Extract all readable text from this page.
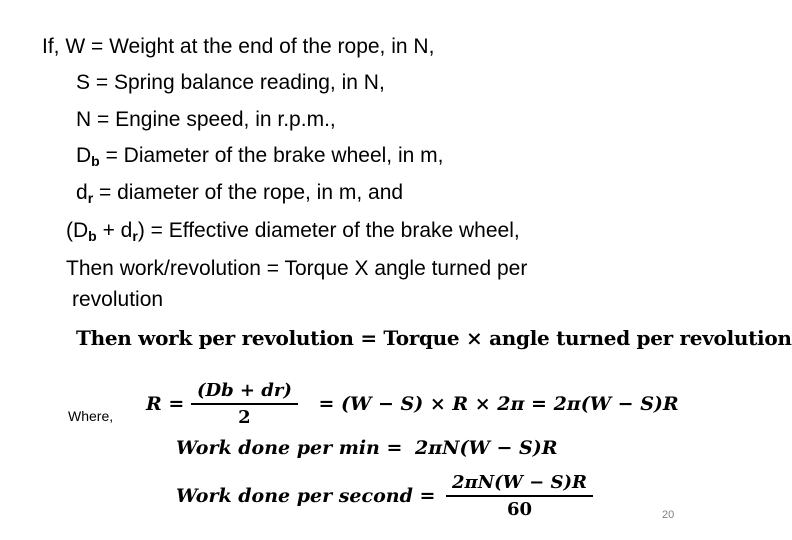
If, W = Weight at the end of the rope, in N,
S = Spring balance reading, in N,
N = Engine speed, in r.p.m.,
$D_b$ = Diameter of the brake wheel, in m,
$d_r$ = diameter of the rope, in m, and
$(D_b + d_r)$ = Effective diameter of the brake wheel,
Then work/revolution = Torque X angle turned per
revolution
Then work per revolution = Torque × angle turned per revolution
Where,
$R = \frac{(Db + dr)}{2} = (W - S) \times R \times 2\pi = 2\pi(W - S)R$
Work done per min = 2πN(W − S)R
Work done per second = $\frac{2\pi N(W - S)R}{60}$	20
